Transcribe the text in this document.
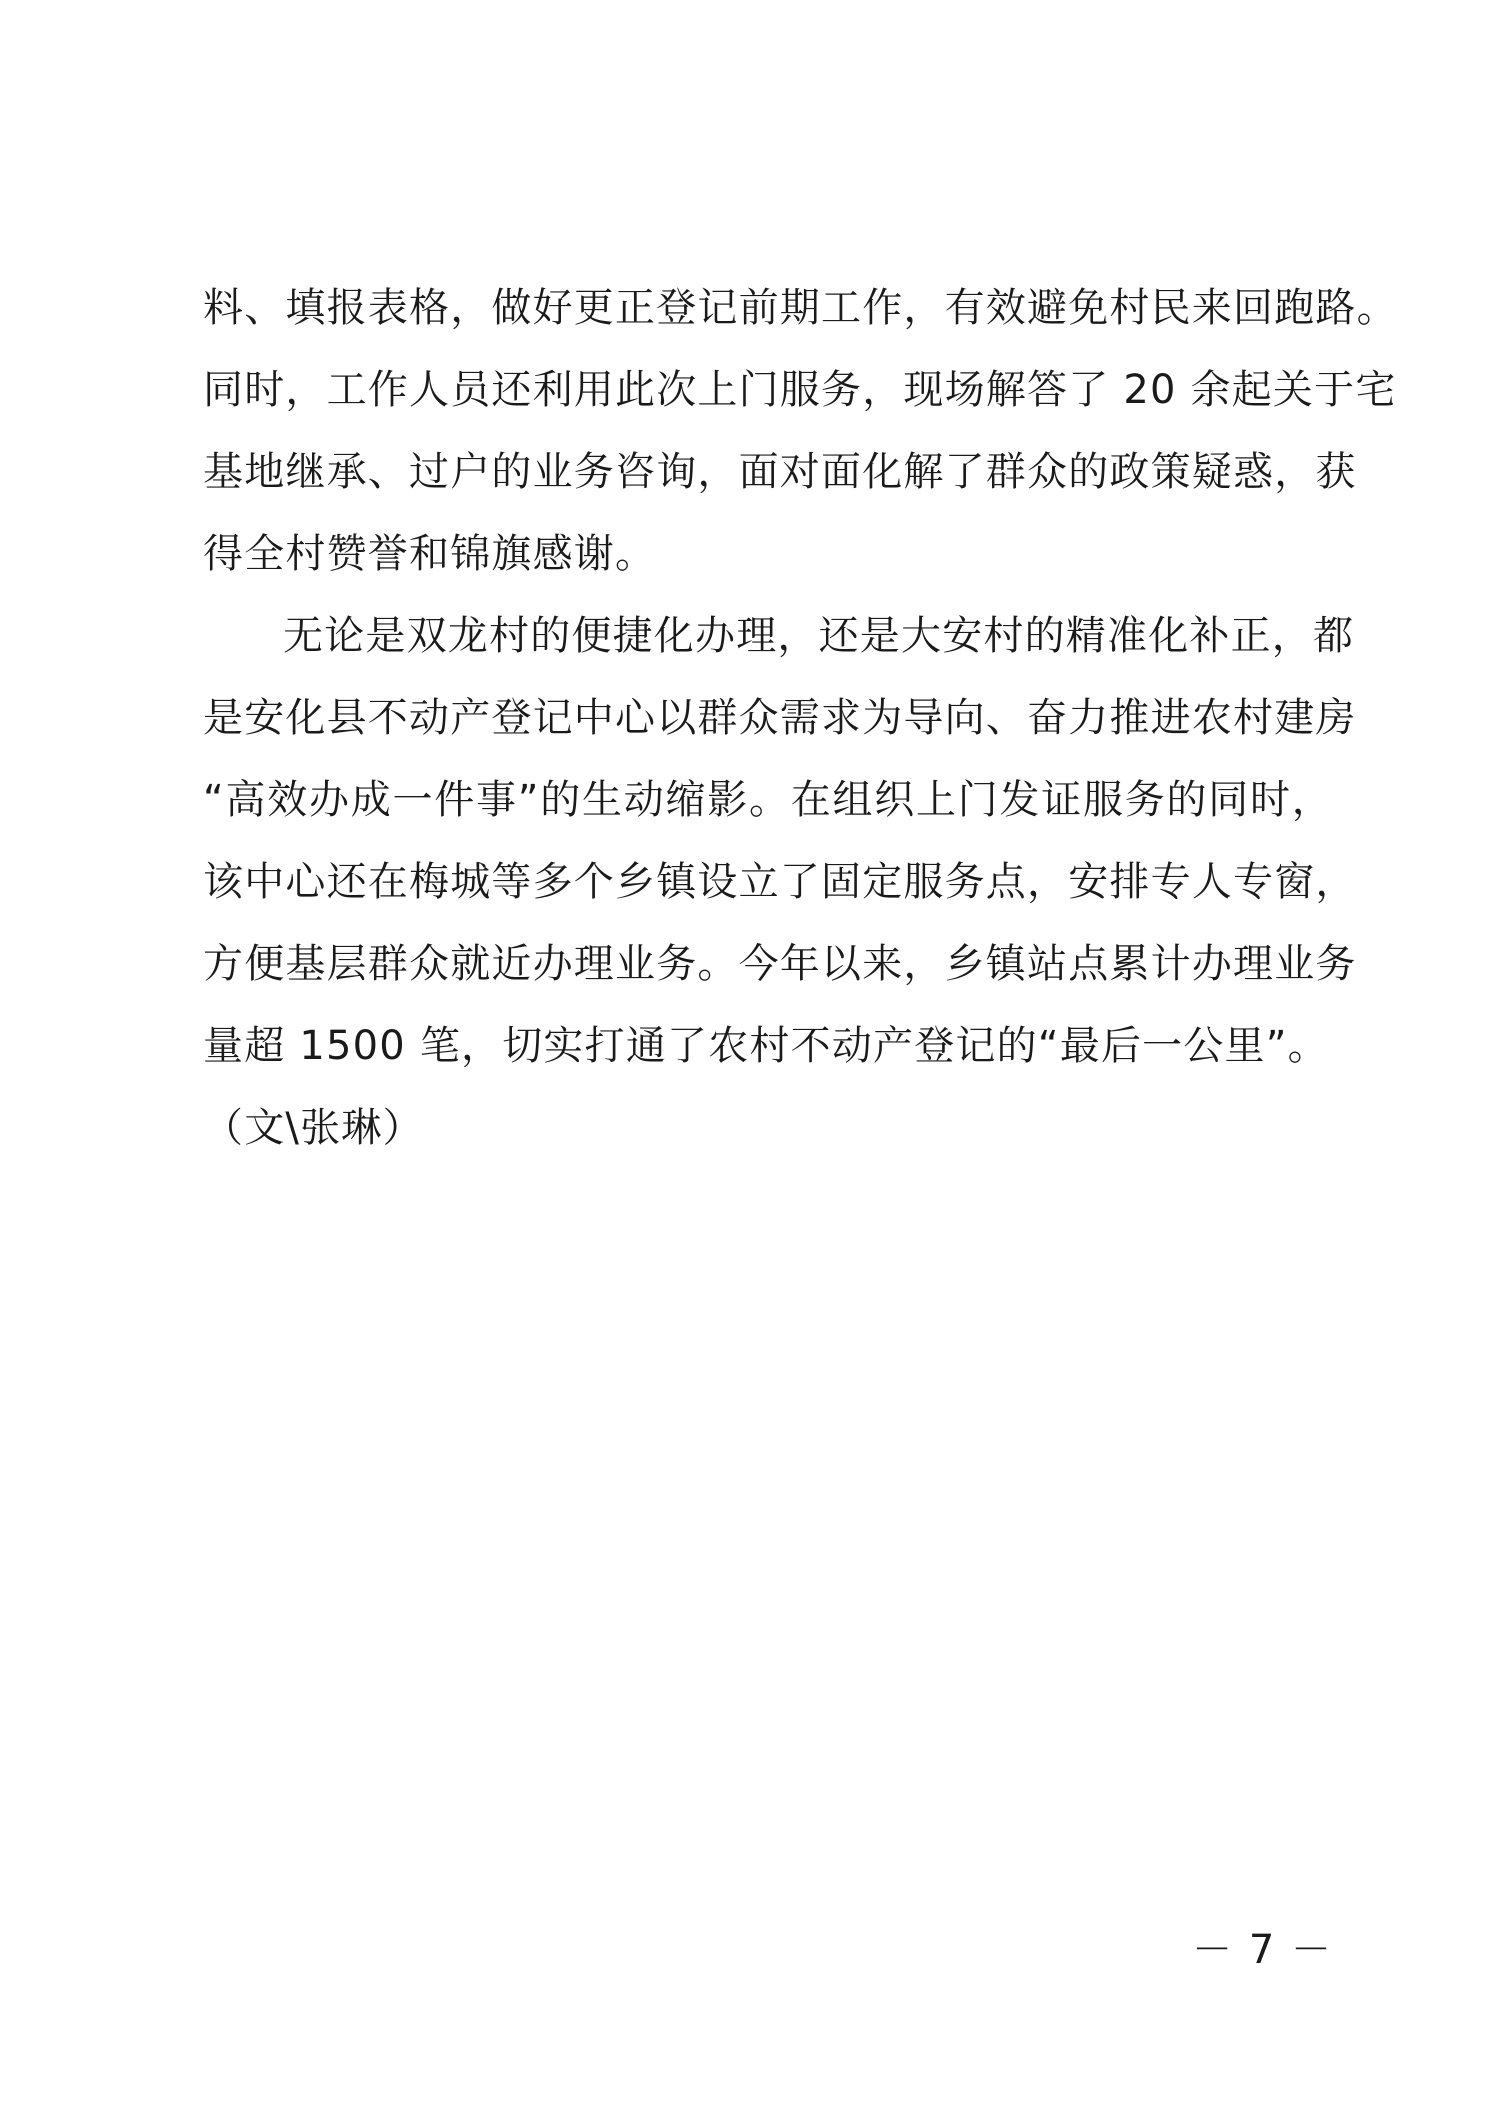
料、填报表格，做好更正登记前期工作，有效避免村民来回跑路。
同时，工作人员还利用此次上门服务，现场解答了 20 余起关于宅
基地继承、过户的业务咨询，面对面化解了群众的政策疑惑，获
得全村赞誉和锦旗感谢。
无论是双龙村的便捷化办理，还是大安村的精准化补正，都
是安化县不动产登记中心以群众需求为导向、奋力推进农村建房
“高效办成一件事”的生动缩影。在组织上门发证服务的同时，
该中心还在梅城等多个乡镇设立了固定服务点，安排专人专窗，
方便基层群众就近办理业务。今年以来，乡镇站点累计办理业务
量超 1500 笔，切实打通了农村不动产登记的“最后一公里”。
（文\张琳）
－ 7 －
